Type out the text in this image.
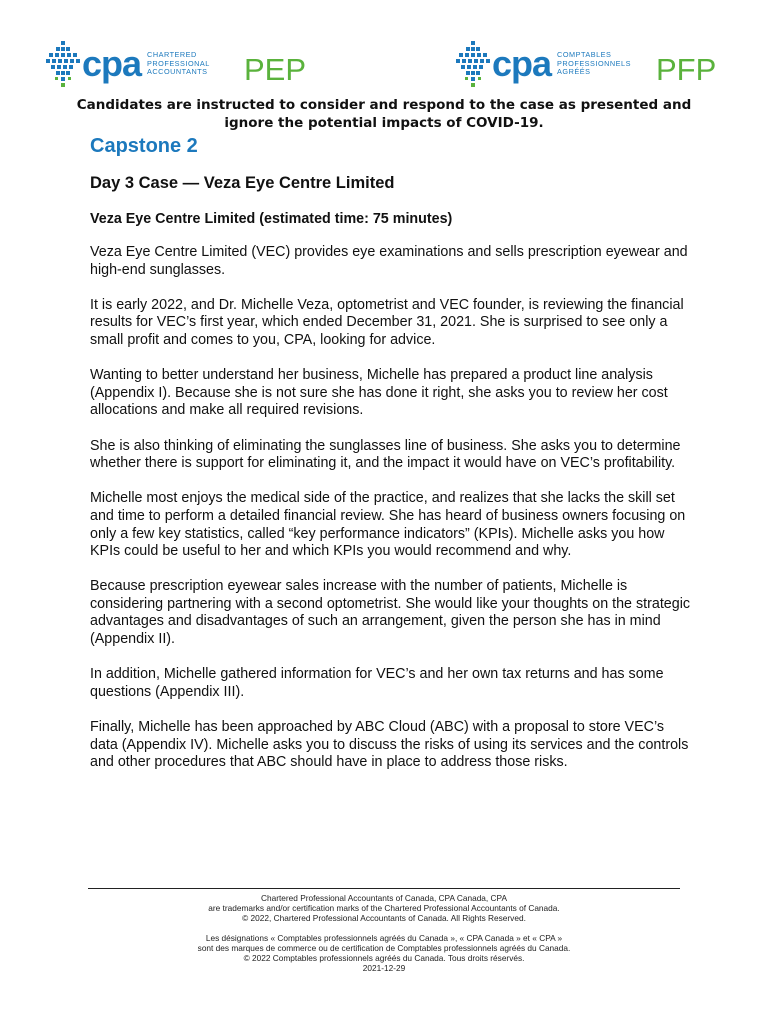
cpa CHARTERED
PROFESSIONAL
ACCOUNTANTS PEP	cpa COMPTABLES
PROFESSIONNELS
AGRÉÉS	PFP
Candidates are instructed to consider and respond to the case as presented and ignore the potential impacts of COVID-19.
Capstone 2
Day 3 Case — Veza Eye Centre Limited
Veza Eye Centre Limited (estimated time: 75 minutes)

Veza Eye Centre Limited (VEC) provides eye examinations and sells prescription eyewear and high-end sunglasses.

It is early 2022, and Dr. Michelle Veza, optometrist and VEC founder, is reviewing the financial results for VEC’s first year, which ended December 31, 2021. She is surprised to see only a small profit and comes to you, CPA, looking for advice.

Wanting to better understand her business, Michelle has prepared a product line analysis (Appendix I). Because she is not sure she has done it right, she asks you to review her cost allocations and make all required revisions.

She is also thinking of eliminating the sunglasses line of business. She asks you to determine whether there is support for eliminating it, and the impact it would have on VEC’s profitability.

Michelle most enjoys the medical side of the practice, and realizes that she lacks the skill set and time to perform a detailed financial review. She has heard of business owners focusing on only a few key statistics, called “key performance indicators” (KPIs). Michelle asks you how KPIs could be useful to her and which KPIs you would recommend and why.

Because prescription eyewear sales increase with the number of patients, Michelle is considering partnering with a second optometrist. She would like your thoughts on the strategic advantages and disadvantages of such an arrangement, given the person she has in mind (Appendix II).

In addition, Michelle gathered information for VEC’s and her own tax returns and has some questions (Appendix III).

Finally, Michelle has been approached by ABC Cloud (ABC) with a proposal to store VEC’s data (Appendix IV). Michelle asks you to discuss the risks of using its services and the controls and other procedures that ABC should have in place to address those risks.

Chartered Professional Accountants of Canada, CPA Canada, CPA
are trademarks and/or certification marks of the Chartered Professional Accountants of Canada.
© 2022, Chartered Professional Accountants of Canada. All Rights Reserved.
Les désignations « Comptables professionnels agréés du Canada », « CPA Canada » et « CPA »
sont des marques de commerce ou de certification de Comptables professionnels agréés du Canada.
© 2022 Comptables professionnels agréés du Canada. Tous droits réservés.
2021-12-29
